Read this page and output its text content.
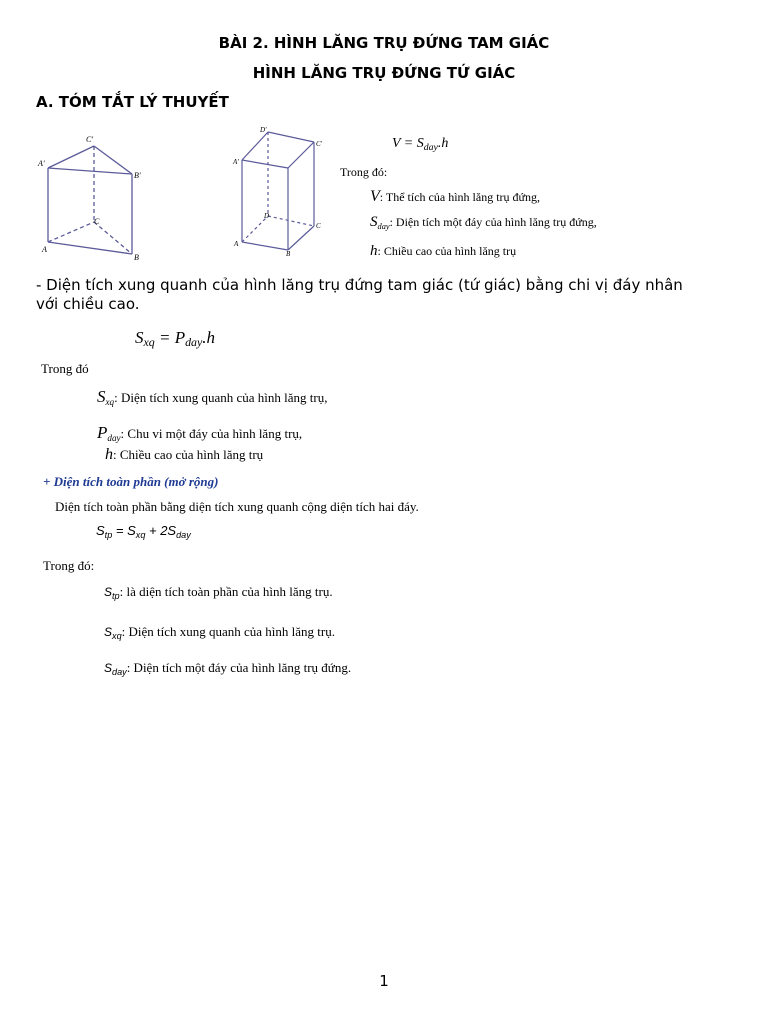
BÀI 2. HÌNH LĂNG TRỤ ĐỨNG TAM GIÁC
HÌNH LĂNG TRỤ ĐỨNG TỨ GIÁC
A. TÓM TẮT LÝ THUYẾT
C'
A'
B'
C
A
B
D'
A'
C'
D
C
A
B
$V = S_{day}.h$
Trong đó:
V: Thể tích của hình lăng trụ đứng,
$S_{day}$: Diện tích một đáy của hình lăng trụ đứng,
h: Chiều cao của hình lăng trụ
- Diện tích xung quanh của hình lăng trụ đứng tam giác (tứ giác) bằng chi vị đáy nhân
với chiều cao.
$S_{xq} = P_{day}.h$
Trong đó
$S_{xq}$: Diện tích xung quanh của hình lăng trụ,
$P_{day}$: Chu vi một đáy của hình lăng trụ,
h: Chiều cao của hình lăng trụ
+ Diện tích toàn phần (mở rộng)
Diện tích toàn phần bằng diện tích xung quanh cộng diện tích hai đáy.
$S_{tp} = S_{xq} + 2S_{day}$
Trong đó:
$S_{tp}$: là diện tích toàn phần của hình lăng trụ.
$S_{xq}$: Diện tích xung quanh của hình lăng trụ.
$S_{day}$: Diện tích một đáy của hình lăng trụ đứng.
1
